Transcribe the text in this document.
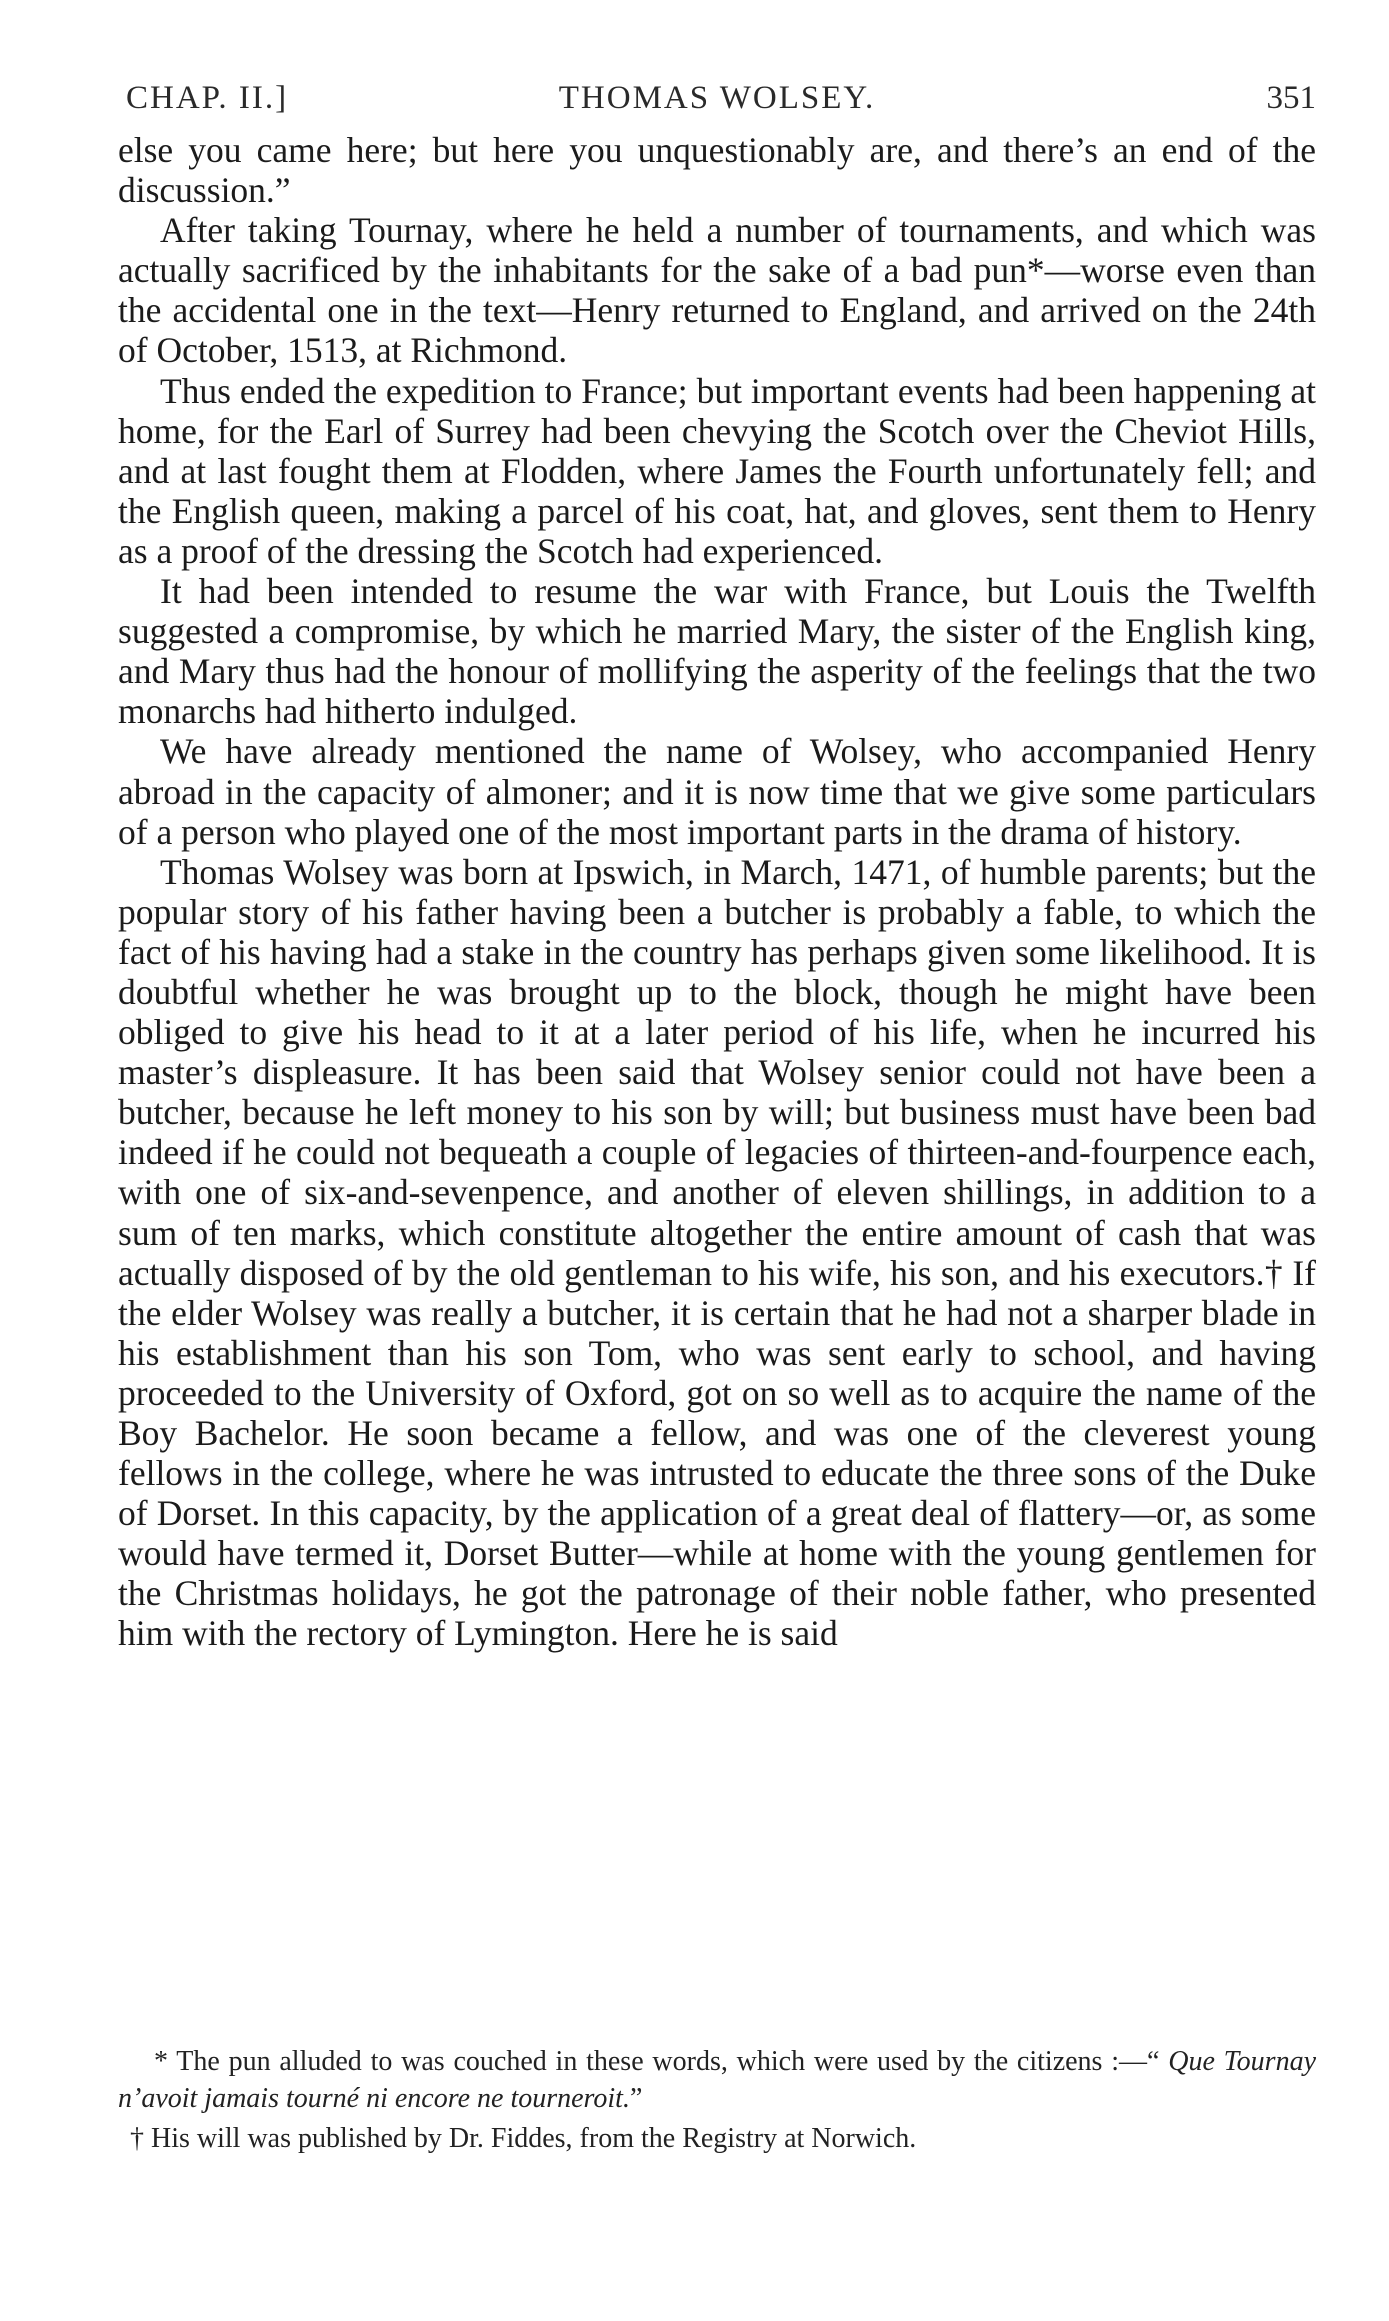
CHAP. II.]	THOMAS WOLSEY.	351

else you came here; but here you unquestionably are, and there’s an end of the discussion.”

After taking Tournay, where he held a number of tournaments, and which was actually sacrificed by the inhabitants for the sake of a bad pun*—worse even than the accidental one in the text—Henry returned to England, and arrived on the 24th of October, 1513, at Richmond.

Thus ended the expedition to France; but important events had been happening at home, for the Earl of Surrey had been chevying the Scotch over the Cheviot Hills, and at last fought them at Flodden, where James the Fourth unfortunately fell; and the English queen, making a parcel of his coat, hat, and gloves, sent them to Henry as a proof of the dressing the Scotch had experienced.

It had been intended to resume the war with France, but Louis the Twelfth suggested a compromise, by which he married Mary, the sister of the English king, and Mary thus had the honour of mollifying the asperity of the feelings that the two monarchs had hitherto indulged.

We have already mentioned the name of Wolsey, who accompanied Henry abroad in the capacity of almoner; and it is now time that we give some particulars of a person who played one of the most important parts in the drama of history.

Thomas Wolsey was born at Ipswich, in March, 1471, of humble parents; but the popular story of his father having been a butcher is probably a fable, to which the fact of his having had a stake in the country has perhaps given some likelihood. It is doubtful whether he was brought up to the block, though he might have been obliged to give his head to it at a later period of his life, when he incurred his master’s displeasure. It has been said that Wolsey senior could not have been a butcher, because he left money to his son by will; but business must have been bad indeed if he could not bequeath a couple of legacies of thirteen-and-fourpence each, with one of six-and-sevenpence, and another of eleven shillings, in addition to a sum of ten marks, which constitute altogether the entire amount of cash that was actually disposed of by the old gentleman to his wife, his son, and his executors.† If the elder Wolsey was really a butcher, it is certain that he had not a sharper blade in his establishment than his son Tom, who was sent early to school, and having proceeded to the University of Oxford, got on so well as to acquire the name of the Boy Bachelor. He soon became a fellow, and was one of the cleverest young fellows in the college, where he was intrusted to educate the three sons of the Duke of Dorset. In this capacity, by the application of a great deal of flattery—or, as some would have termed it, Dorset Butter—while at home with the young gentlemen for the Christmas holidays, he got the patronage of their noble father, who presented him with the rectory of Lymington. Here he is said

* The pun alluded to was couched in these words, which were used by the citizens :—“ Que Tournay n’avoit jamais tourné ni encore ne tourneroit.”

† His will was published by Dr. Fiddes, from the Registry at Norwich.
